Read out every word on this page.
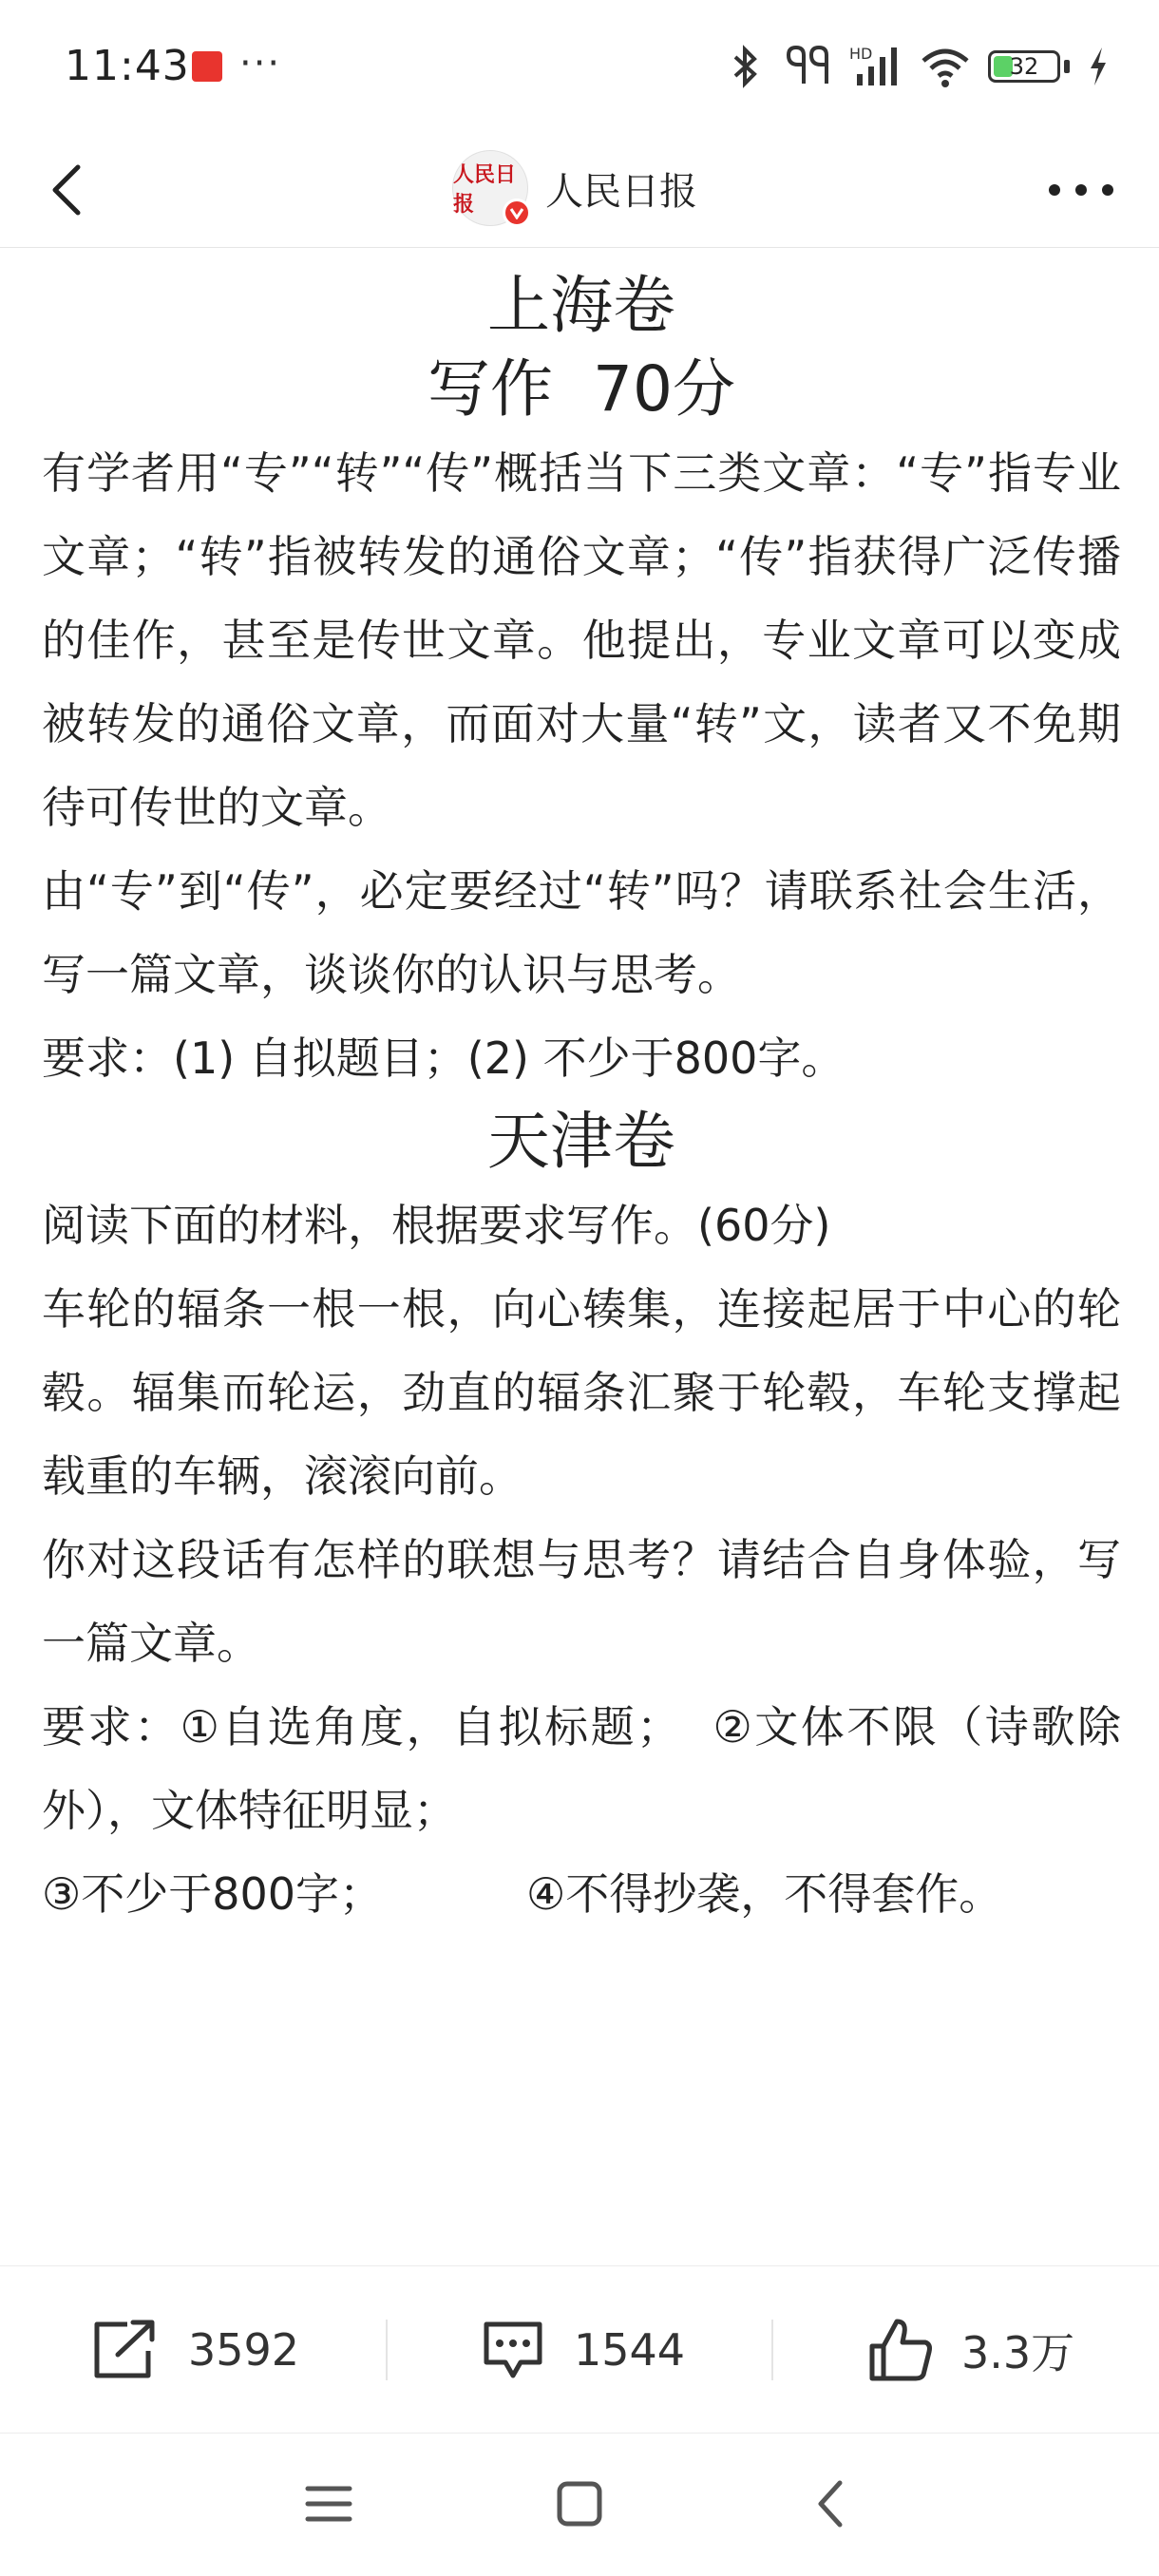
11:43 ···	HD	32
人民日报	人民日报
上海卷
写作  70分

有学者用“专”“转”“传”概括当下三类文章：“专”指专业文章；“转”指被转发的通俗文章；“传”指获得广泛传播的佳作，甚至是传世文章。他提出，专业文章可以变成被转发的通俗文章，而面对大量“转”文，读者又不免期待可传世的文章。

由“专”到“传”，必定要经过“转”吗？请联系社会生活，写一篇文章，谈谈你的认识与思考。

要求：(1) 自拟题目；(2) 不少于800字。

天津卷

阅读下面的材料，根据要求写作。(60分)

车轮的辐条一根一根，向心辏集，连接起居于中心的轮毂。辐集而轮运，劲直的辐条汇聚于轮毂，车轮支撑起载重的车辆，滚滚向前。

你对这段话有怎样的联想与思考？请结合自身体验，写一篇文章。

要求：①自选角度，自拟标题；  ②文体不限（诗歌除外），文体特征明显；

③不少于800字；	④不得抄袭，不得套作。
3592	1544	3.3万
